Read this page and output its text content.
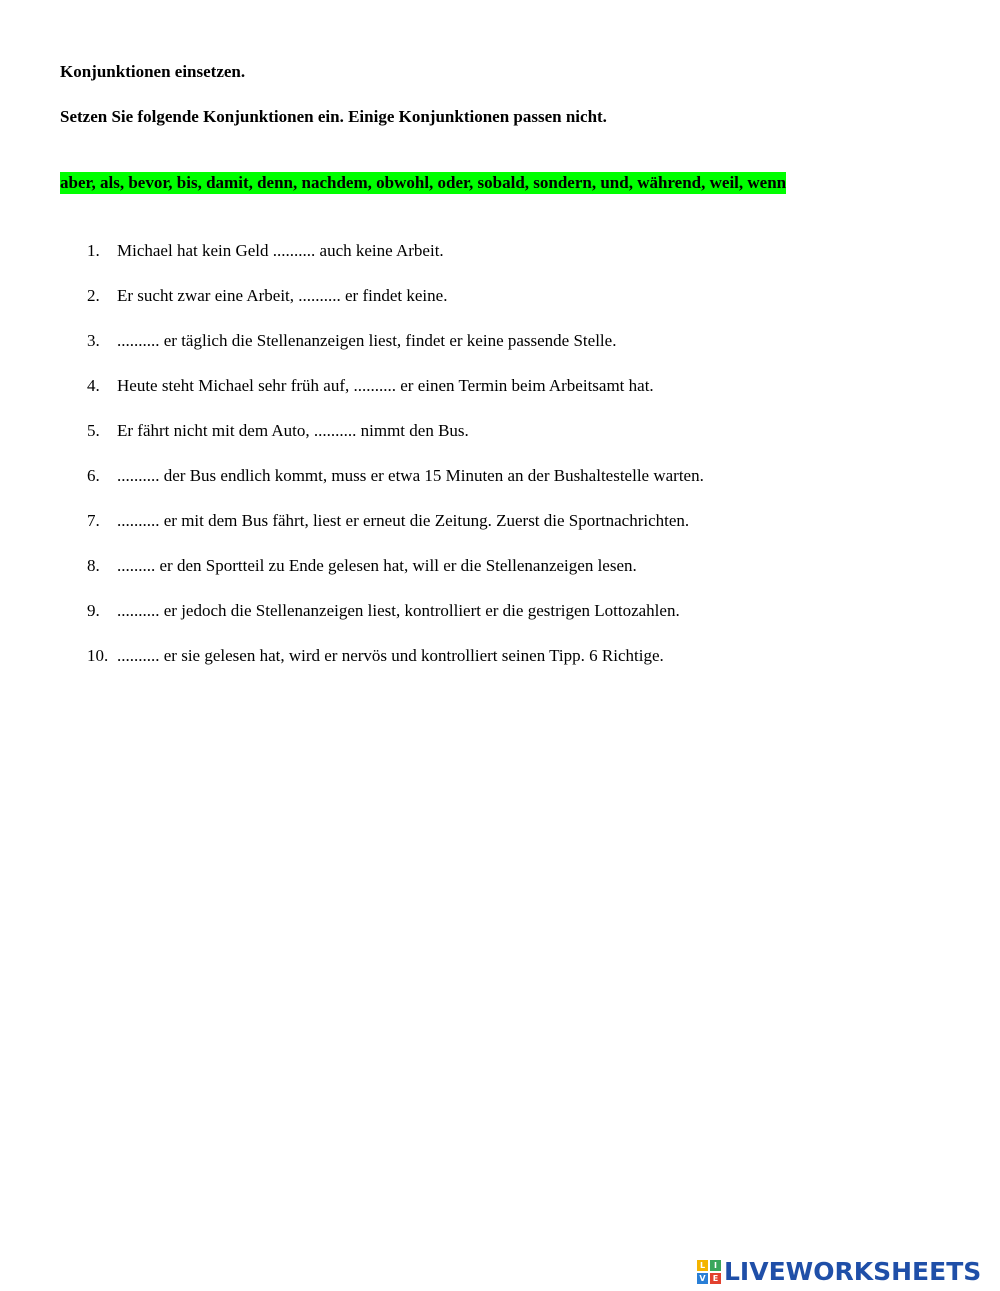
Konjunktionen einsetzen.

Setzen Sie folgende Konjunktionen ein. Einige Konjunktionen passen nicht.

aber, als, bevor, bis, damit, denn, nachdem, obwohl, oder, sobald, sondern, und, während, weil, wenn

1. Michael hat kein Geld .......... auch keine Arbeit.
2. Er sucht zwar eine Arbeit, .......... er findet keine.
3. .......... er täglich die Stellenanzeigen liest, findet er keine passende Stelle.
4. Heute steht Michael sehr früh auf, .......... er einen Termin beim Arbeitsamt hat.
5. Er fährt nicht mit dem Auto, .......... nimmt den Bus.
6. .......... der Bus endlich kommt, muss er etwa 15 Minuten an der Bushaltestelle warten.
7. .......... er mit dem Bus fährt, liest er erneut die Zeitung. Zuerst die Sportnachrichten.
8. ......... er den Sportteil zu Ende gelesen hat, will er die Stellenanzeigen lesen.
9. .......... er jedoch die Stellenanzeigen liest, kontrolliert er die gestrigen Lottozahlen.
10. .......... er sie gelesen hat, wird er nervös und kontrolliert seinen Tipp. 6 Richtige.
L	I
V E LIVEWORKSHEETS
